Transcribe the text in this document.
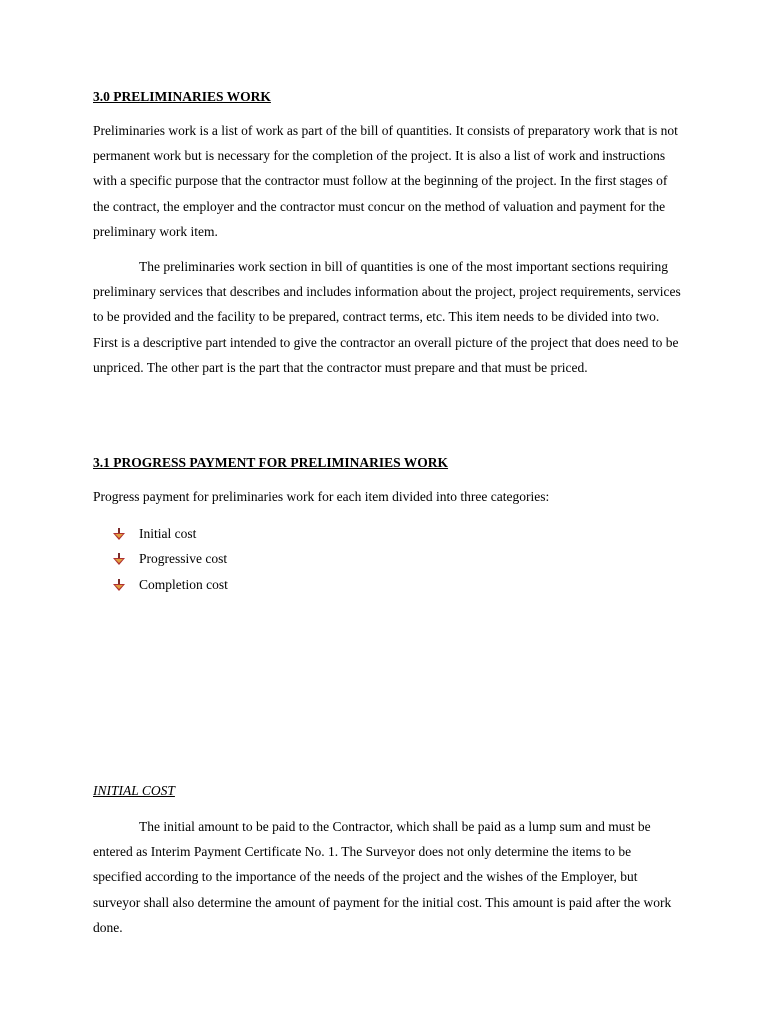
3.0 PRELIMINARIES WORK

Preliminaries work is a list of work as part of the bill of quantities. It consists of preparatory work that is not permanent work but is necessary for the completion of the project. It is also a list of work and instructions with a specific purpose that the contractor must follow at the beginning of the project. In the first stages of the contract, the employer and the contractor must concur on the method of valuation and payment for the preliminary work item.

The preliminaries work section in bill of quantities is one of the most important sections requiring preliminary services that describes and includes information about the project, project requirements, services to be provided and the facility to be prepared, contract terms, etc. This item needs to be divided into two. First is a descriptive part intended to give the contractor an overall picture of the project that does need to be unpriced. The other part is the part that the contractor must prepare and that must be priced.

3.1 PROGRESS PAYMENT FOR PRELIMINARIES WORK

Progress payment for preliminaries work for each item divided into three categories:

Initial cost
Progressive cost
Completion cost
INITIAL COST

The initial amount to be paid to the Contractor, which shall be paid as a lump sum and must be entered as Interim Payment Certificate No. 1. The Surveyor does not only determine the items to be specified according to the importance of the needs of the project and the wishes of the Employer, but surveyor shall also determine the amount of payment for the initial cost. This amount is paid after the work done.
